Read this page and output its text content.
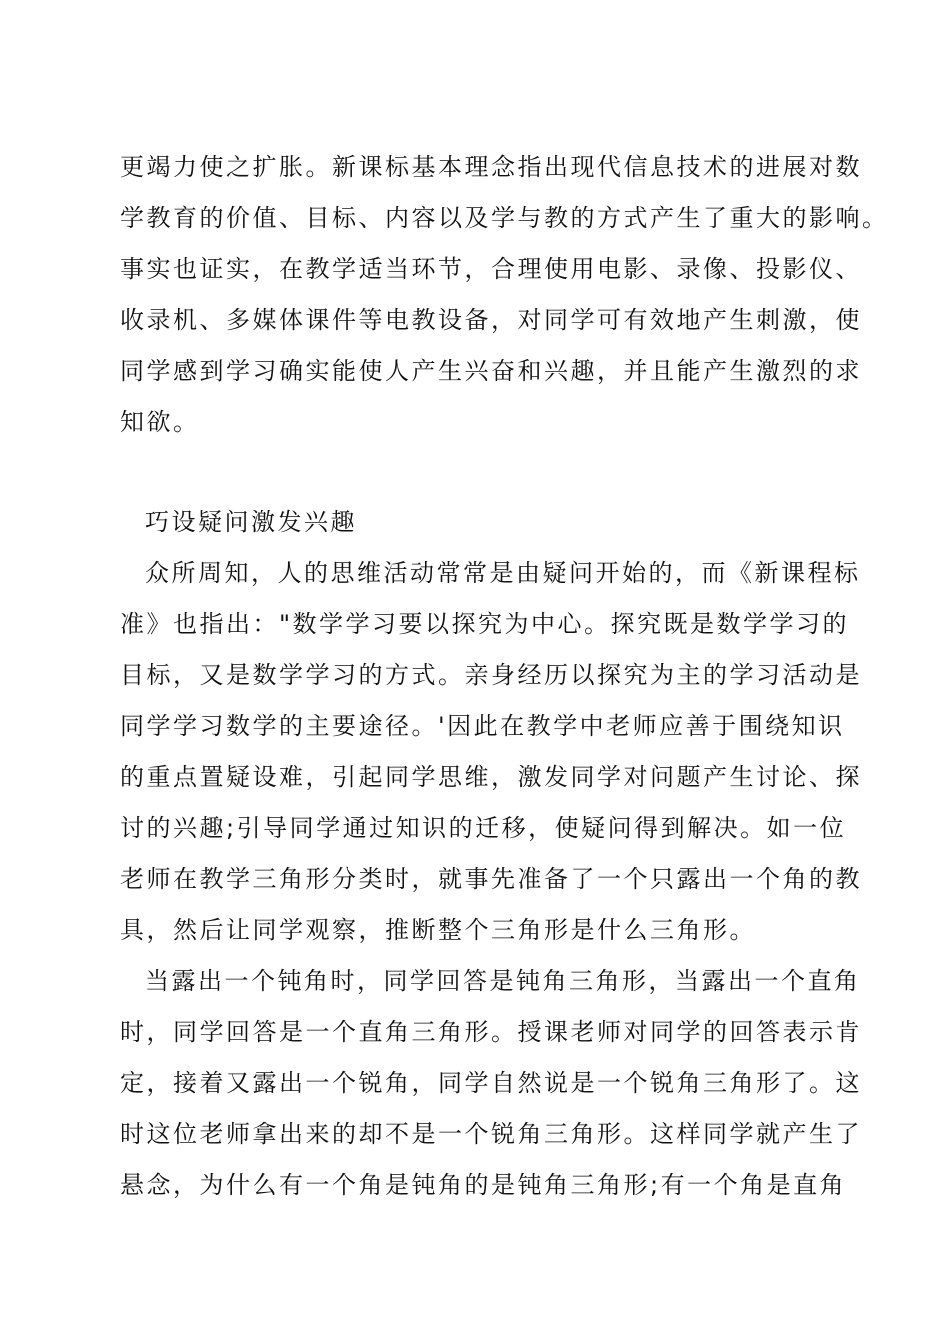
更竭力使之扩胀。新课标基本理念指出现代信息技术的进展对数
学教育的价值、目标、内容以及学与教的方式产生了重大的影响。
事实也证实，在教学适当环节，合理使用电影、录像、投影仪、
收录机、多媒体课件等电教设备，对同学可有效地产生刺激，使
同学感到学习确实能使人产生兴奋和兴趣，并且能产生激烈的求
知欲。
巧设疑问激发兴趣
众所周知，人的思维活动常常是由疑问开始的，而《新课程标
准》也指出："数学学习要以探究为中心。探究既是数学学习的
目标，又是数学学习的方式。亲身经历以探究为主的学习活动是
同学学习数学的主要途径。'因此在教学中老师应善于围绕知识
的重点置疑设难，引起同学思维，激发同学对问题产生讨论、探
讨的兴趣;引导同学通过知识的迁移，使疑问得到解决。如一位
老师在教学三角形分类时，就事先准备了一个只露出一个角的教
具，然后让同学观察，推断整个三角形是什么三角形。
当露出一个钝角时，同学回答是钝角三角形，当露出一个直角
时，同学回答是一个直角三角形。授课老师对同学的回答表示肯
定，接着又露出一个锐角，同学自然说是一个锐角三角形了。这
时这位老师拿出来的却不是一个锐角三角形。这样同学就产生了
悬念，为什么有一个角是钝角的是钝角三角形;有一个角是直角
